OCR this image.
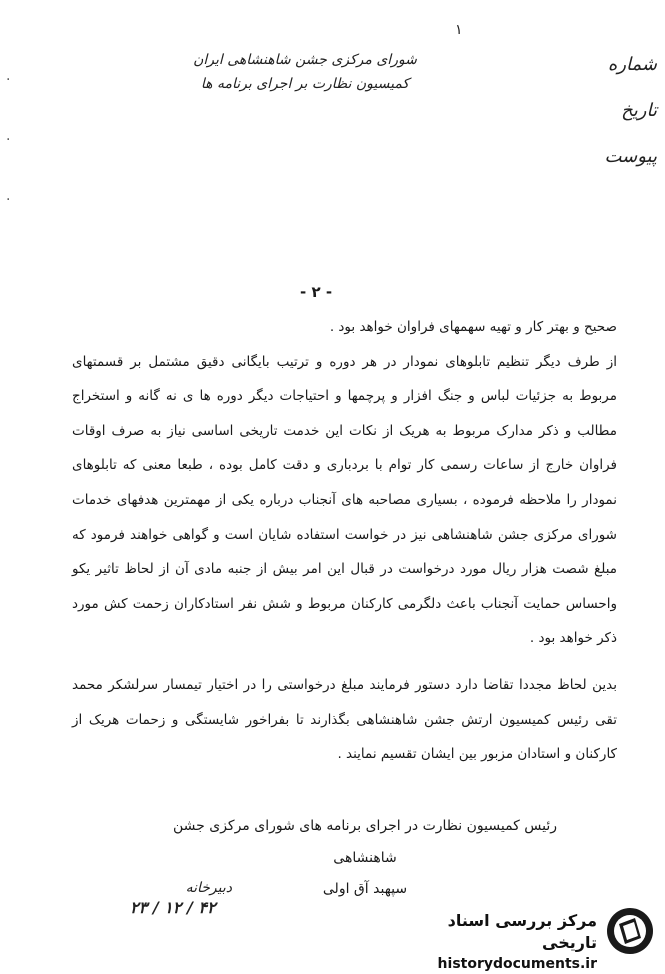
۱
·
·
·
شماره
تاریخ
پیوست
شورای مرکزی جشن شاهنشاهی ایران
کمیسیون نظارت بر اجرای برنامه ها
- ۲ -

صحیح و بهتر کار و تهیه سهمهای فراوان خواهد بود .

از طرف دیگر تنظیم تابلوهای نمودار در هر دوره و ترتیب بایگانی دقیق مشتمل بر قسمتهای مربوط به جزئیات لباس و جنگ افزار و پرچمها و احتیاجات دیگر دوره ها ی نه گانه و استخراج مطالب و ذکر مدارک مربوط به هریک از نکات این خدمت تاریخی اساسی نیاز به صرف اوقات فراوان خارج از ساعات رسمی کار توام با بردباری و دقت کامل بوده ، طبعا معنی که تابلوهای نمودار را ملاحظه فرموده ، بسیاری مصاحبه های آنجناب درباره یکی از مهمترین هدفهای خدمات شورای مرکزی جشن شاهنشاهی نیز در خواست استفاده شایان است و گواهی خواهند فرمود که مبلغ شصت هزار ریال مورد درخواست در قبال این امر بیش از جنبه مادی آن از لحاظ تاثیر یکو واحساس حمایت آنجناب باعث دلگرمی کارکنان مربوط و شش نفر استادکاران زحمت کش مورد ذکر خواهد بود .

بدین لحاظ مجددا تقاضا دارد دستور فرمایند مبلغ درخواستی را در اختیار تیمسار سرلشکر محمد تقی رئیس کمیسیون ارتش جشن شاهنشاهی بگذارند تا بفراخور شایستگی و زحمات هریک از کارکنان و استادان مزبور بین ایشان تقسیم نمایند .

رئیس کمیسیون نظارت در اجرای برنامه های شورای مرکزی جشن شاهنشاهی
سپهبد آق اولی
دبیرخانه
۲۳ / ۱۲ / ۴۲
مرکز بررسی اسناد تاریخی
historydocuments.ir
